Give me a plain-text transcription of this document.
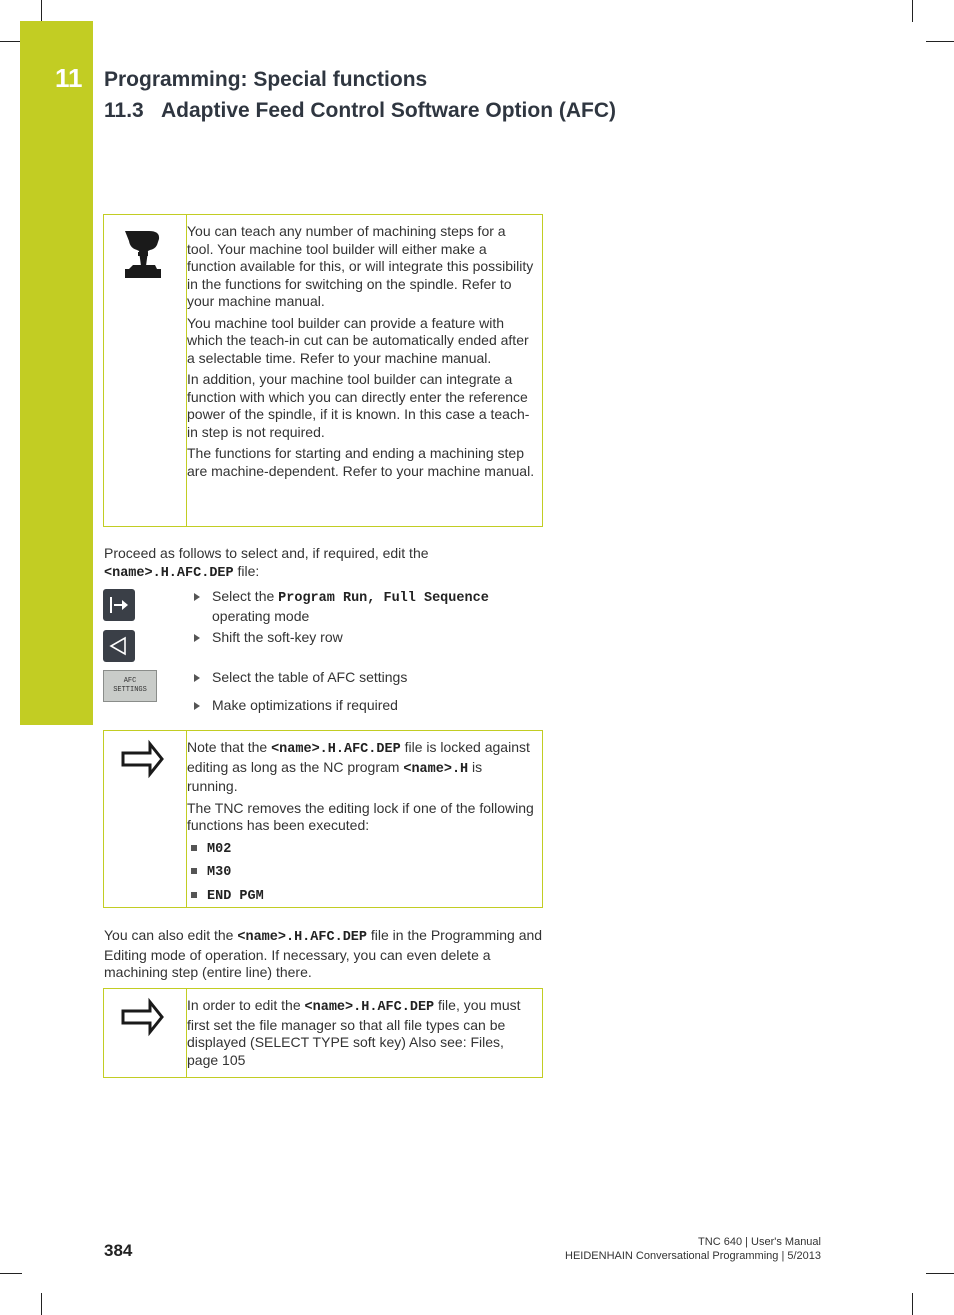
11 Programming: Special functions
11.3 Adaptive Feed Control Software Option (AFC)

You can teach any number of machining steps for a tool. Your machine tool builder will either make a function available for this, or will integrate this possibility in the functions for switching on the spindle. Refer to your machine manual.

You machine tool builder can provide a feature with which the teach-in cut can be automatically ended after a selectable time. Refer to your machine manual.

In addition, your machine tool builder can integrate a function with which you can directly enter the reference power of the spindle, if it is known. In this case a teach-in step is not required.

The functions for starting and ending a machining step are machine-dependent. Refer to your machine manual.

Proceed as follows to select and, if required, edit the
<name>.H.AFC.DEP file:
AFC
SETTINGS
Select the Program Run, Full Sequence operating mode
Shift the soft-key row
Select the table of AFC settings
Make optimizations if required

Note that the <name>.H.AFC.DEP file is locked against editing as long as the NC program <name>.H is running.

The TNC removes the editing lock if one of the following functions has been executed:

M02
M30
END PGM
You can also edit the <name>.H.AFC.DEP file in the Programming and Editing mode of operation. If necessary, you can even delete a machining step (entire line) there.

In order to edit the <name>.H.AFC.DEP file, you must first set the file manager so that all file types can be displayed (SELECT TYPE soft key) Also see: Files, page 105

384	TNC 640 | User's Manual
HEIDENHAIN Conversational Programming | 5/2013
